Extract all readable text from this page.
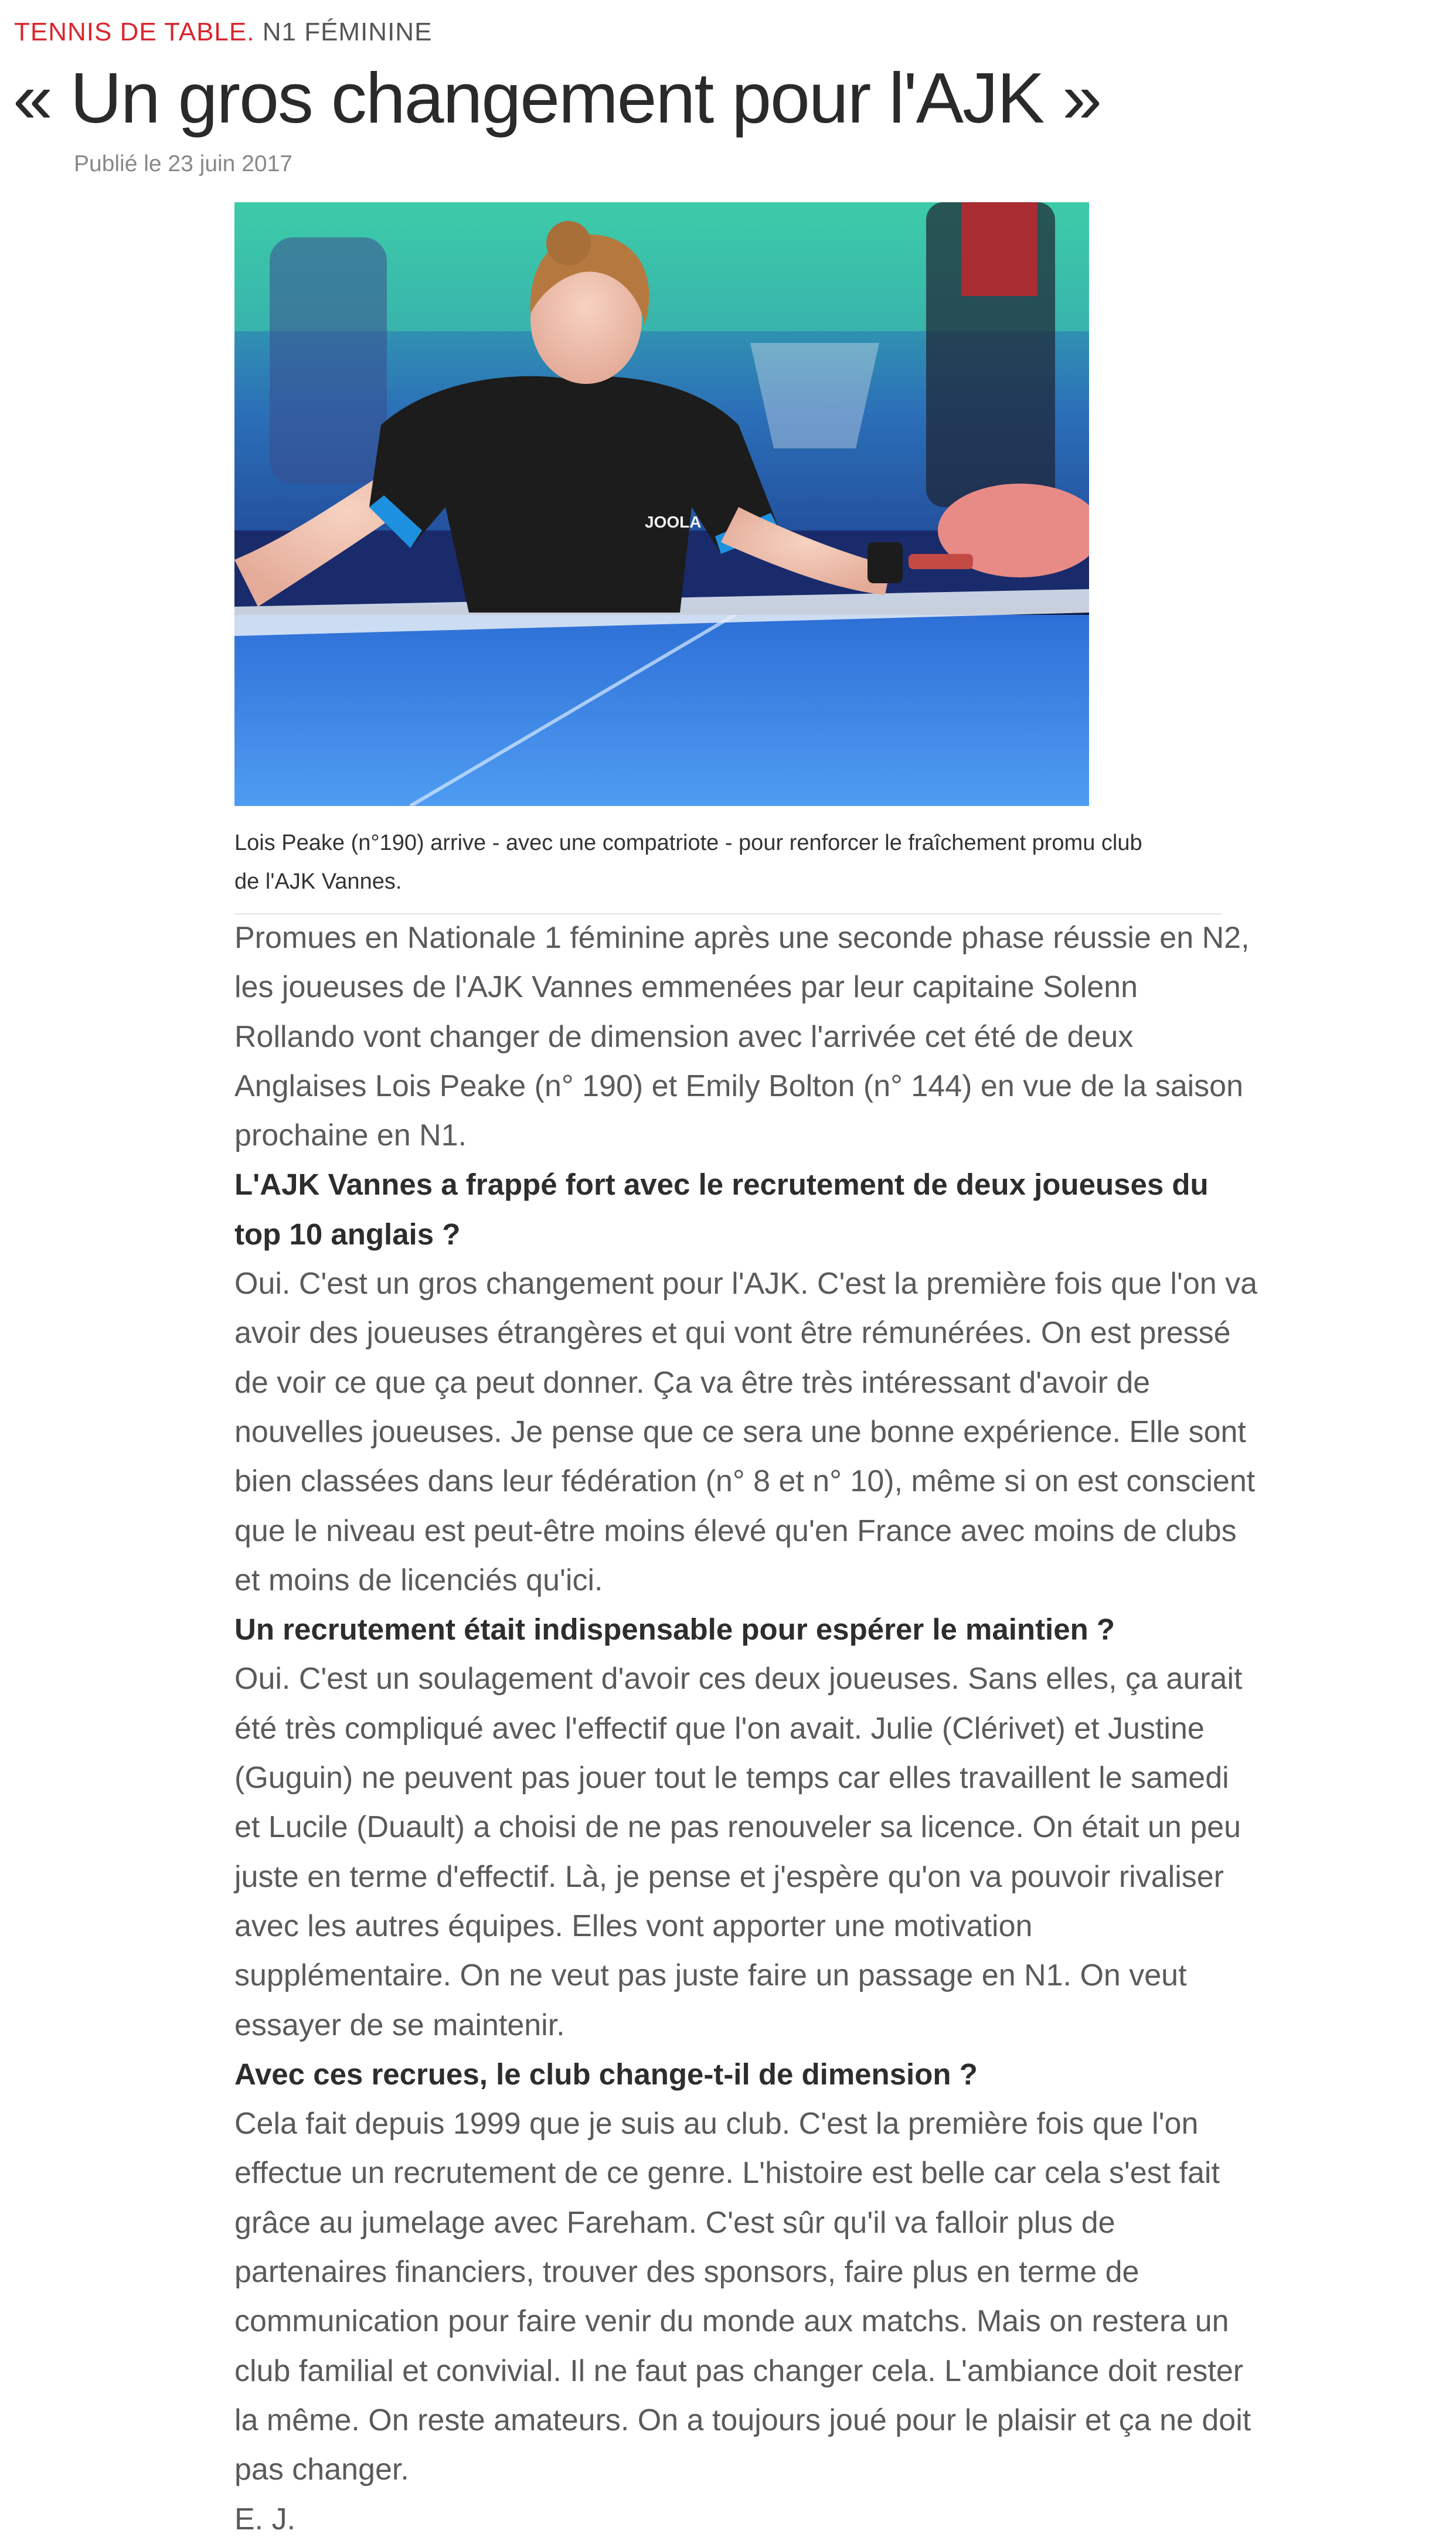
TENNIS DE TABLE. N1 FÉMININE
« Un gros changement pour l'AJK »
Publié le 23 juin 2017
JOOLA
Lois Peake (n°190) arrive - avec une compatriote - pour renforcer le fraîchement promu club
de l'AJK Vannes.

Promues en Nationale 1 féminine après une seconde phase réussie en N2,
les joueuses de l'AJK Vannes emmenées par leur capitaine Solenn
Rollando vont changer de dimension avec l'arrivée cet été de deux
Anglaises Lois Peake (n° 190) et Emily Bolton (n° 144) en vue de la saison
prochaine en N1.

L'AJK Vannes a frappé fort avec le recrutement de deux joueuses du
top 10 anglais ?

Oui. C'est un gros changement pour l'AJK. C'est la première fois que l'on va
avoir des joueuses étrangères et qui vont être rémunérées. On est pressé
de voir ce que ça peut donner. Ça va être très intéressant d'avoir de
nouvelles joueuses. Je pense que ce sera une bonne expérience. Elle sont
bien classées dans leur fédération (n° 8 et n° 10), même si on est conscient
que le niveau est peut-être moins élevé qu'en France avec moins de clubs
et moins de licenciés qu'ici.

Un recrutement était indispensable pour espérer le maintien ?

Oui. C'est un soulagement d'avoir ces deux joueuses. Sans elles, ça aurait
été très compliqué avec l'effectif que l'on avait. Julie (Clérivet) et Justine
(Guguin) ne peuvent pas jouer tout le temps car elles travaillent le samedi
et Lucile (Duault) a choisi de ne pas renouveler sa licence. On était un peu
juste en terme d'effectif. Là, je pense et j'espère qu'on va pouvoir rivaliser
avec les autres équipes. Elles vont apporter une motivation
supplémentaire. On ne veut pas juste faire un passage en N1. On veut
essayer de se maintenir.

Avec ces recrues, le club change-t-il de dimension ?

Cela fait depuis 1999 que je suis au club. C'est la première fois que l'on
effectue un recrutement de ce genre. L'histoire est belle car cela s'est fait
grâce au jumelage avec Fareham. C'est sûr qu'il va falloir plus de
partenaires financiers, trouver des sponsors, faire plus en terme de
communication pour faire venir du monde aux matchs. Mais on restera un
club familial et convivial. Il ne faut pas changer cela. L'ambiance doit rester
la même. On reste amateurs. On a toujours joué pour le plaisir et ça ne doit
pas changer.

E. J.
